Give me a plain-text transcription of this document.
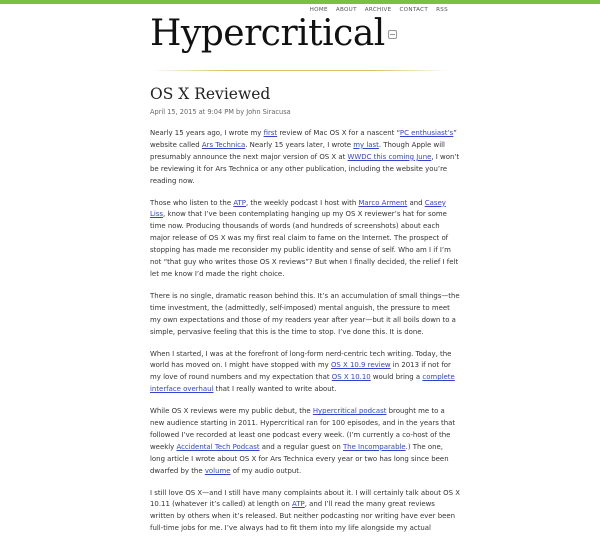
HOME ABOUT ARCHIVE CONTACT RSS
Hypercritical
OS X Reviewed
April 15, 2015 at 9:04 PM by John Siracusa

Nearly 15 years ago, I wrote my first review of Mac OS X for a nascent “PC enthusiast’s” website called Ars Technica. Nearly 15 years later, I wrote my last. Though Apple will presumably announce the next major version of OS X at WWDC this coming June, I won’t be reviewing it for Ars Technica or any other publication, including the website you’re reading now.

Those who listen to the ATP, the weekly podcast I host with Marco Arment and Casey Liss, know that I’ve been contemplating hanging up my OS X reviewer’s hat for some time now. Producing thousands of words (and hundreds of screenshots) about each major release of OS X was my first real claim to fame on the Internet. The prospect of stopping has made me reconsider my public identity and sense of self. Who am I if I’m not “that guy who writes those OS X reviews”? But when I finally decided, the relief I felt let me know I’d made the right choice.

There is no single, dramatic reason behind this. It’s an accumulation of small things—the time investment, the (admittedly, self-imposed) mental anguish, the pressure to meet my own expectations and those of my readers year after year—but it all boils down to a simple, pervasive feeling that this is the time to stop. I’ve done this. It is done.

When I started, I was at the forefront of long-form nerd-centric tech writing. Today, the world has moved on. I might have stopped with my OS X 10.9 review in 2013 if not for my love of round numbers and my expectation that OS X 10.10 would bring a complete interface overhaul that I really wanted to write about.

While OS X reviews were my public debut, the Hypercritical podcast brought me to a new audience starting in 2011. Hypercritical ran for 100 episodes, and in the years that followed I’ve recorded at least one podcast every week. (I’m currently a co-host of the weekly Accidental Tech Podcast and a regular guest on The Incomparable.) The one, long article I wrote about OS X for Ars Technica every year or two has long since been dwarfed by the volume of my audio output.

I still love OS X—and I still have many complaints about it. I will certainly talk about OS X 10.11 (whatever it’s called) at length on ATP, and I’ll read the many great reviews written by others when it’s released. But neither podcasting nor writing have ever been full-time jobs for me. I’ve always had to fit them into my life alongside my actual
